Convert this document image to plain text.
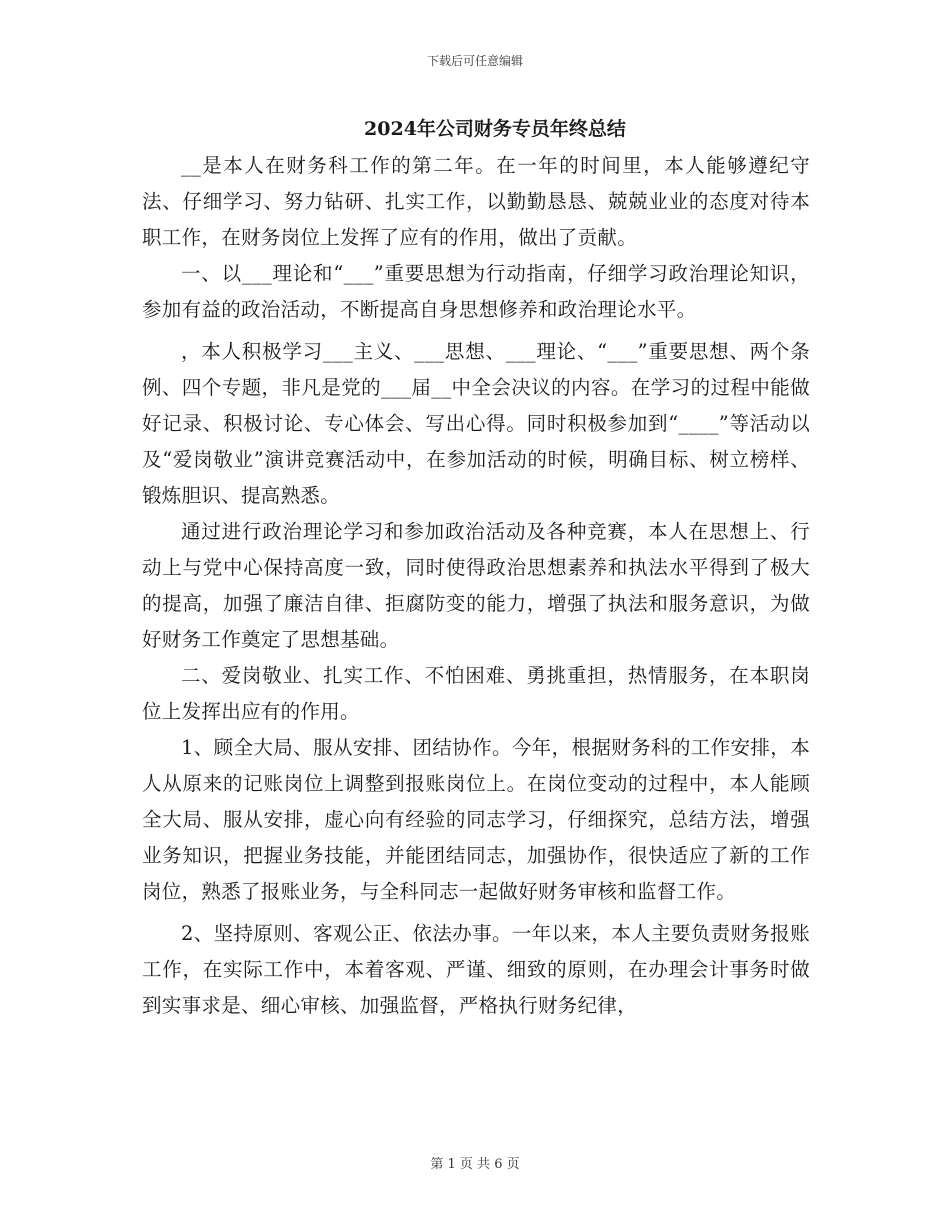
下载后可任意编辑
2024年公司财务专员年终总结

__是本人在财务科工作的第二年。在一年的时间里，本人能够遵纪守法、仔细学习、努力钻研、扎实工作，以勤勤恳恳、兢兢业业的态度对待本职工作，在财务岗位上发挥了应有的作用，做出了贡献。

一、以___理论和“___”重要思想为行动指南，仔细学习政治理论知识，参加有益的政治活动，不断提高自身思想修养和政治理论水平。

，本人积极学习___主义、___思想、___理论、“___”重要思想、两个条例、四个专题，非凡是党的___届__中全会决议的内容。在学习的过程中能做好记录、积极讨论、专心体会、写出心得。同时积极参加到“____”等活动以及“爱岗敬业”演讲竞赛活动中，在参加活动的时候，明确目标、树立榜样、锻炼胆识、提高熟悉。

通过进行政治理论学习和参加政治活动及各种竞赛，本人在思想上、行动上与党中心保持高度一致，同时使得政治思想素养和执法水平得到了极大的提高，加强了廉洁自律、拒腐防变的能力，增强了执法和服务意识，为做好财务工作奠定了思想基础。

二、爱岗敬业、扎实工作、不怕困难、勇挑重担，热情服务，在本职岗位上发挥出应有的作用。

1、顾全大局、服从安排、团结协作。今年，根据财务科的工作安排，本人从原来的记账岗位上调整到报账岗位上。在岗位变动的过程中，本人能顾全大局、服从安排，虚心向有经验的同志学习，仔细探究，总结方法，增强业务知识，把握业务技能，并能团结同志，加强协作，很快适应了新的工作岗位，熟悉了报账业务，与全科同志一起做好财务审核和监督工作。

2、坚持原则、客观公正、依法办事。一年以来，本人主要负责财务报账工作，在实际工作中，本着客观、严谨、细致的原则，在办理会计事务时做到实事求是、细心审核、加强监督，严格执行财务纪律，

第 1 页 共 6 页
